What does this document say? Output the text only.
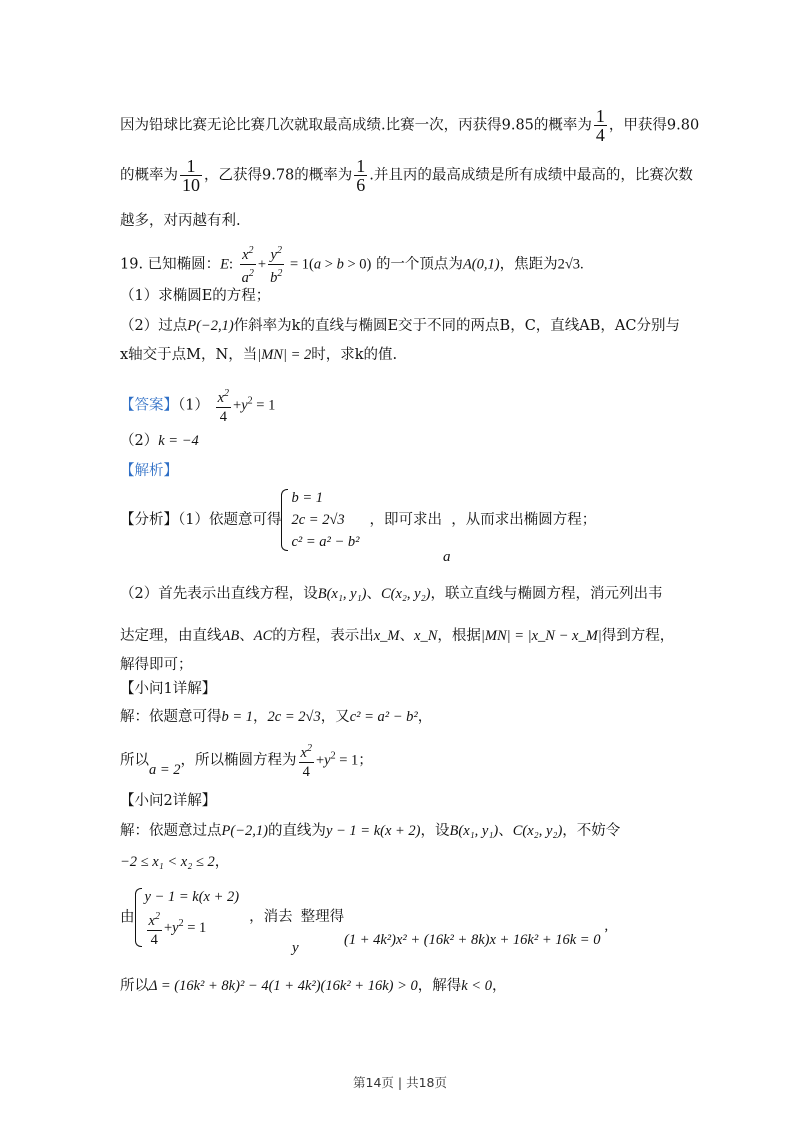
因为铅球比赛无论比赛几次就取最高成绩.比赛一次，丙获得9.85的概率为 $\frac{1}{4}$ ，甲获得9.80
的概率为 $\frac{1}{10}$ ，乙获得9.78的概率为 $\frac{1}{6}$ .并且丙的最高成绩是所有成绩中最高的，比赛次数
越多，对丙越有利.
19. 已知椭圆：E: $\frac{x^2}{a^2} + \frac{y^2}{b^2} = 1(a > b > 0)$ 的一个顶点为A(0,1)，焦距为2√3.
（1）求椭圆E的方程；
（2）过点P(−2,1)作斜率为k的直线与椭圆E交于不同的两点B，C，直线AB，AC分别与
x轴交于点M，N，当|MN| = 2时，求k的值.
【答案】$(1) \frac{x^2}{4} +y^2 = 1$
（2）k = −4
【解析】
【分析】（1）依题意可得
b = 1
2c = 2√3
c² = a² − b²
，即可求出 ，从而求出椭圆方程；
a
（2）首先表示出直线方程，设B(x₁, y₁)、C(x₂, y₂)，联立直线与椭圆方程，消元列出韦
达定理，由直线AB、AC的方程，表示出x_M、x_N，根据|MN| = |x_N − x_M|得到方程，
解得即可；
【小问1详解】
解：依题意可得b = 1，2c = 2√3，又c² = a² − b²，
所以a = 2，所以椭圆方程为 $\frac{x^2}{4} +y^2 = 1$；
【小问2详解】
解：依题意过点P(−2,1)的直线为y − 1 = k(x + 2)，设B(x₁, y₁)、C(x₂, y₂)，不妨令
−2 ≤ x₁ < x₂ ≤ 2，
由
y − 1 = k(x + 2)
$\frac{x^2}{4} +y^2 = 1$
，消去 整理得
y	(1 + 4k²)x² + (16k² + 8k)x + 16k² + 16k = 0,
所以Δ = (16k² + 8k)² − 4(1 + 4k²)(16k² + 16k) > 0，解得k < 0，
第14页 | 共18页
